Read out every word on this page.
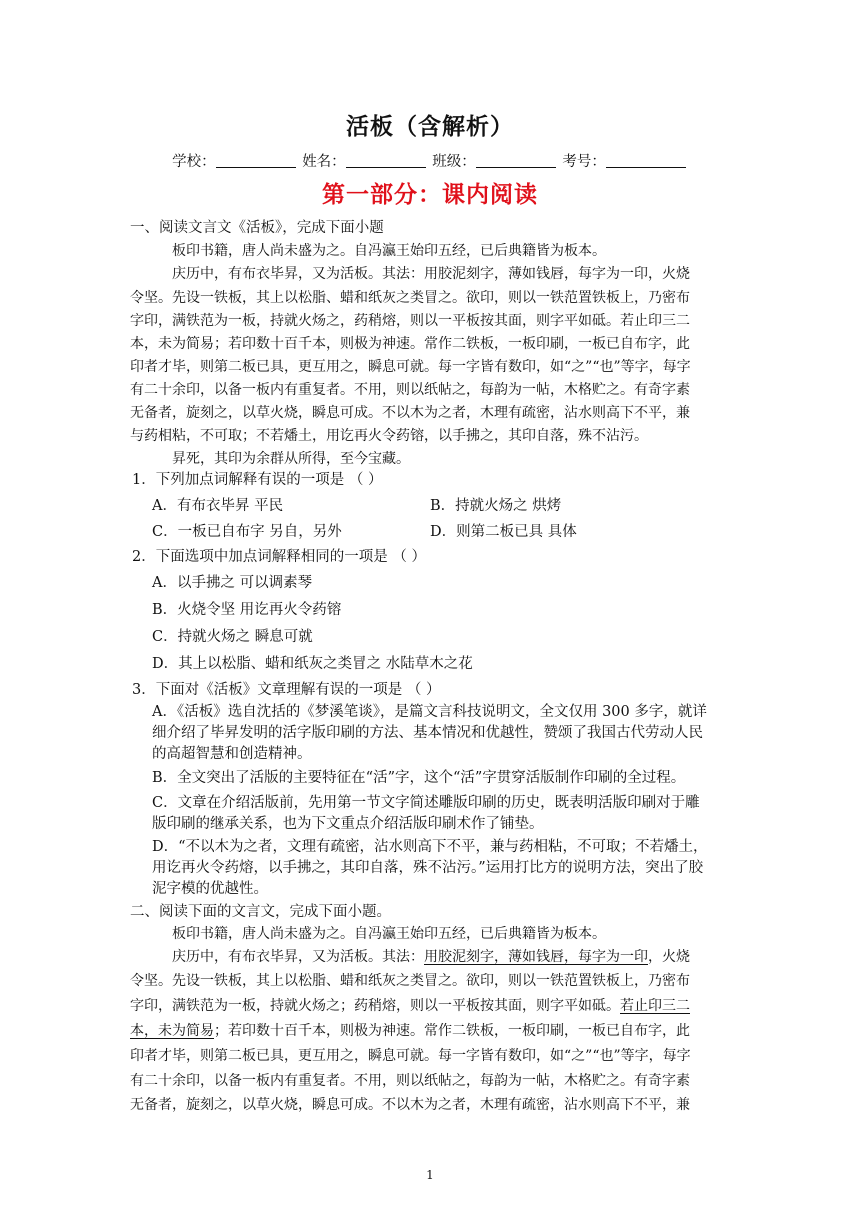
活板（含解析）
学校：	姓名：	班级：	考号：
第一部分：课内阅读
一、阅读文言文《活板》，完成下面小题
板印书籍，唐人尚未盛为之。自冯瀛王始印五经，已后典籍皆为板本。
庆历中，有布衣毕昇，又为活板。其法：用胶泥刻字，薄如钱唇，每字为一印，火烧
令坚。先设一铁板，其上以松脂、蜡和纸灰之类冒之。欲印，则以一铁范置铁板上，乃密布
字印，满铁范为一板，持就火炀之，药稍熔，则以一平板按其面，则字平如砥。若止印三二
本，未为简易；若印数十百千本，则极为神速。常作二铁板，一板印刷，一板已自布字，此
印者才毕，则第二板已具，更互用之，瞬息可就。每一字皆有数印，如“之”“也”等字，每字
有二十余印，以备一板内有重复者。不用，则以纸帖之，每韵为一帖，木格贮之。有奇字素
无备者，旋刻之，以草火烧，瞬息可成。不以木为之者，木理有疏密，沾水则高下不平，兼
与药相粘，不可取；不若燔土，用讫再火令药镕，以手拂之，其印自落，殊不沾污。
昇死，其印为余群从所得，至今宝藏。
1．下列加点词解释有误的一项是 （ ）
A．有布衣毕昇 平民	B．持就火炀之 烘烤
C．一板已自布字 另自，另外	D．则第二板已具 具体
2．下面选项中加点词解释相同的一项是 （ ）
A．以手拂之 可以调素琴
B．火烧令坚 用讫再火令药镕
C．持就火炀之 瞬息可就
D．其上以松脂、蜡和纸灰之类冒之 水陆草木之花
3．下面对《活板》文章理解有误的一项是 （ ）
A．《活板》选自沈括的《梦溪笔谈》，是篇文言科技说明文，全文仅用 300 多字，就详
细介绍了毕昇发明的活字版印刷的方法、基本情况和优越性，赞颂了我国古代劳动人民
的高超智慧和创造精神。
B．全文突出了活版的主要特征在“活”字，这个“活”字贯穿活版制作印刷的全过程。
C．文章在介绍活版前，先用第一节文字简述雕版印刷的历史，既表明活版印刷对于雕
版印刷的继承关系，也为下文重点介绍活版印刷术作了铺垫。
D．“不以木为之者，文理有疏密，沾水则高下不平，兼与药相粘，不可取；不若燔土，
用讫再火令药熔，以手拂之，其印自落，殊不沾污。”运用打比方的说明方法，突出了胶
泥字模的优越性。
二、阅读下面的文言文，完成下面小题。
板印书籍，唐人尚未盛为之。自冯瀛王始印五经，已后典籍皆为板本。
庆历中，有布衣毕昇，又为活板。其法：用胶泥刻字，薄如钱唇，每字为一印，火烧
令坚。先设一铁板，其上以松脂、蜡和纸灰之类冒之。欲印，则以一铁范置铁板上，乃密布
字印，满铁范为一板，持就火炀之；药稍熔，则以一平板按其面，则字平如砥。若止印三二
本，未为简易；若印数十百千本，则极为神速。常作二铁板，一板印刷，一板已自布字，此
印者才毕，则第二板已具，更互用之，瞬息可就。每一字皆有数印，如“之”“也”等字，每字
有二十余印，以备一板内有重复者。不用，则以纸帖之，每韵为一帖，木格贮之。有奇字素
无备者，旋刻之，以草火烧，瞬息可成。不以木为之者，木理有疏密，沾水则高下不平，兼
1
